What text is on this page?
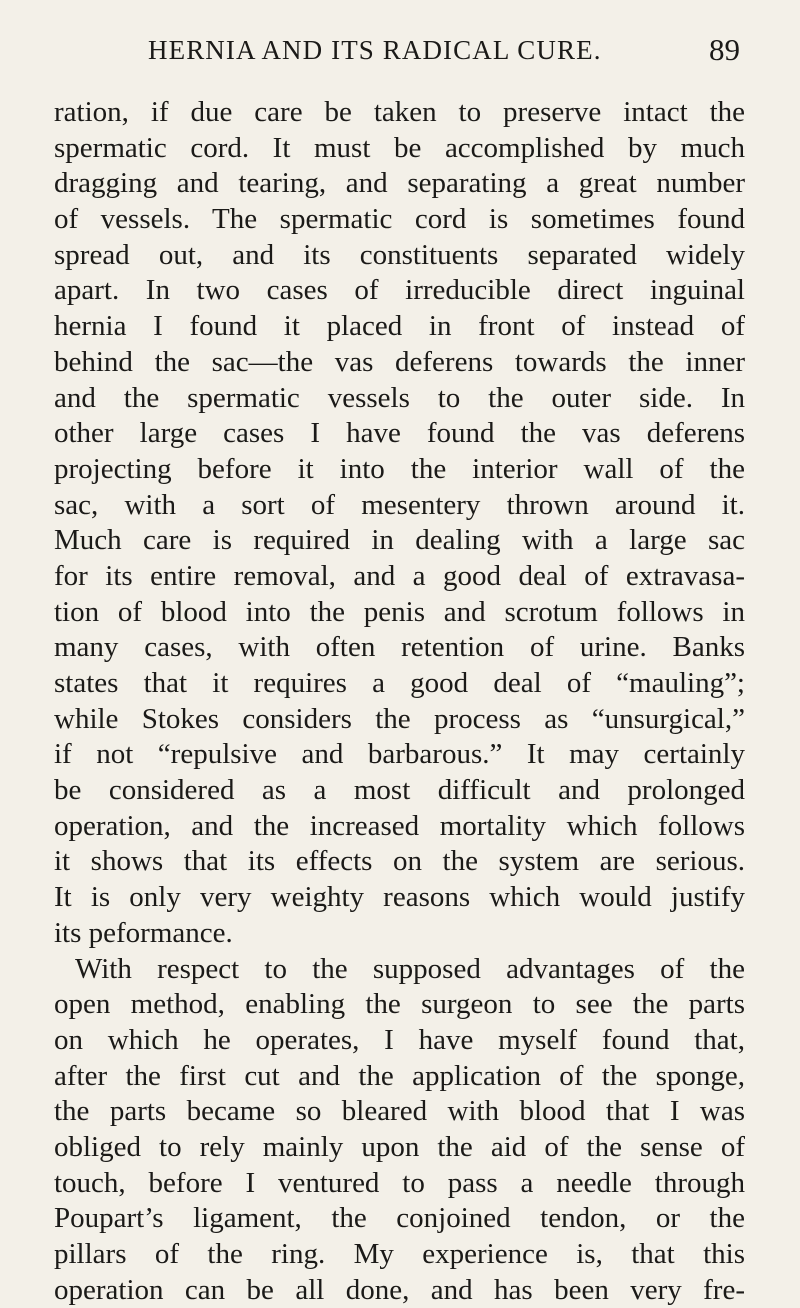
HERNIA AND ITS RADICAL CURE.	89
ration, if due care be taken to preserve intact the
spermatic cord. It must be accomplished by much
dragging and tearing, and separating a great number
of vessels. The spermatic cord is sometimes found
spread out, and its constituents separated widely
apart. In two cases of irreducible direct inguinal
hernia I found it placed in front of instead of
behind the sac—the vas deferens towards the inner
and the spermatic vessels to the outer side. In
other large cases I have found the vas deferens
projecting before it into the interior wall of the
sac, with a sort of mesentery thrown around it.
Much care is required in dealing with a large sac
for its entire removal, and a good deal of extravasa-
tion of blood into the penis and scrotum follows in
many cases, with often retention of urine. Banks
states that it requires a good deal of “mauling”;
while Stokes considers the process as “unsurgical,”
if not “repulsive and barbarous.” It may certainly
be considered as a most difficult and prolonged
operation, and the increased mortality which follows
it shows that its effects on the system are serious.
It is only very weighty reasons which would justify
its peformance.
With respect to the supposed advantages of the
open method, enabling the surgeon to see the parts
on which he operates, I have myself found that,
after the first cut and the application of the sponge,
the parts became so bleared with blood that I was
obliged to rely mainly upon the aid of the sense of
touch, before I ventured to pass a needle through
Poupart’s ligament, the conjoined tendon, or the
pillars of the ring. My experience is, that this
operation can be all done, and has been very fre-
